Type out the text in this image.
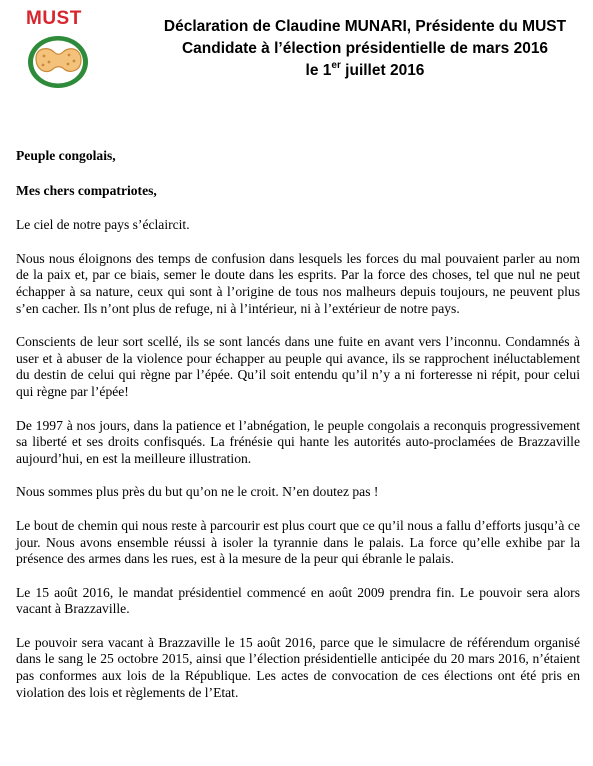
MUST	Déclaration de Claudine MUNARI, Présidente du MUST
Candidate à l’élection présidentielle de mars 2016
le 1er juillet 2016

Peuple congolais,

Mes chers compatriotes,

Le ciel de notre pays s’éclaircit.

Nous nous éloignons des temps de confusion dans lesquels les forces du mal pouvaient parler au nom de la paix et, par ce biais, semer le doute dans les esprits. Par la force des choses, tel que nul ne peut échapper à sa nature, ceux qui sont à l’origine de tous nos malheurs depuis toujours, ne peuvent plus s’en cacher. Ils n’ont plus de refuge, ni à l’intérieur, ni à l’extérieur de notre pays.

Conscients de leur sort scellé, ils se sont lancés dans une fuite en avant vers l’inconnu. Condamnés à user et à abuser de la violence pour échapper au peuple qui avance, ils se rapprochent inéluctablement du destin de celui qui règne par l’épée. Qu’il soit entendu qu’il n’y a ni forteresse ni répit, pour celui qui règne par l’épée!

De 1997 à nos jours, dans la patience et l’abnégation, le peuple congolais a reconquis progressivement sa liberté et ses droits confisqués. La frénésie qui hante les autorités auto-proclamées de Brazzaville aujourd’hui, en est la meilleure illustration.

Nous sommes plus près du but qu’on ne le croit. N’en doutez pas !

Le bout de chemin qui nous reste à parcourir est plus court que ce qu’il nous a fallu d’efforts jusqu’à ce jour. Nous avons ensemble réussi à isoler la tyrannie dans le palais. La force qu’elle exhibe par la présence des armes dans les rues, est à la mesure de la peur qui ébranle le palais.

Le 15 août 2016, le mandat présidentiel commencé en août 2009 prendra fin. Le pouvoir sera alors vacant à Brazzaville.

Le pouvoir sera vacant à Brazzaville le 15 août 2016, parce que le simulacre de référendum organisé dans le sang le 25 octobre 2015, ainsi que l’élection présidentielle anticipée du 20 mars 2016, n’étaient pas conformes aux lois de la République. Les actes de convocation de ces élections ont été pris en violation des lois et règlements de l’Etat.
